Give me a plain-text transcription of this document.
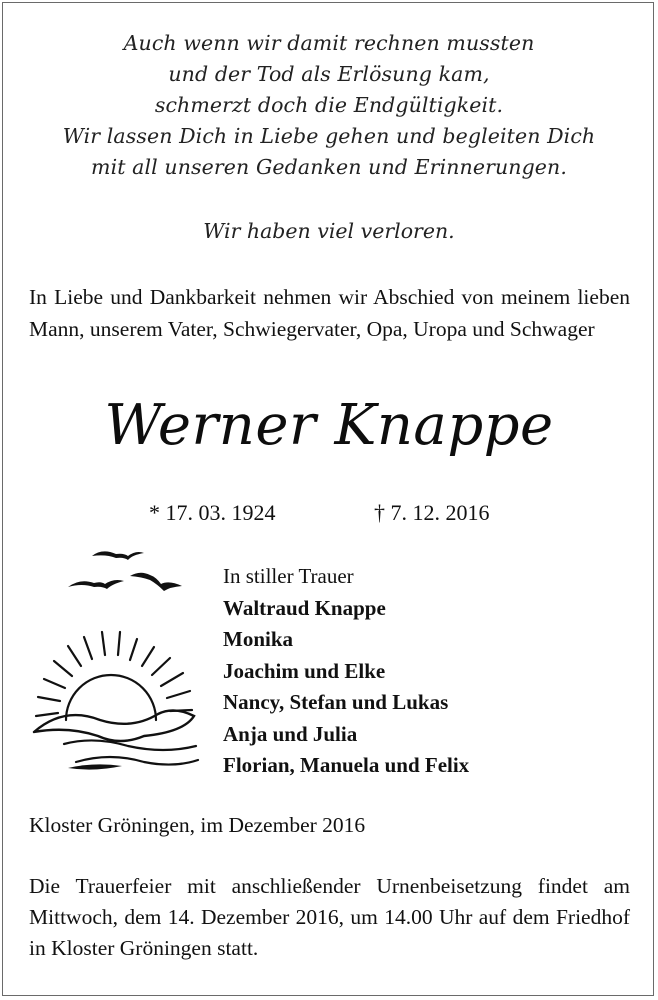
Auch wenn wir damit rechnen mussten
und der Tod als Erlösung kam,
schmerzt doch die Endgültigkeit.
Wir lassen Dich in Liebe gehen und begleiten Dich
mit all unseren Gedanken und Erinnerungen.
Wir haben viel verloren.
In Liebe und Dankbarkeit nehmen wir Abschied von meinem lieben Mann, unserem Vater, Schwiegervater, Opa, Uropa und Schwager
Werner Knappe
* 17. 03. 1924	† 7. 12. 2016
In stiller Trauer
Waltraud Knappe
Monika
Joachim und Elke
Nancy, Stefan und Lukas
Anja und Julia
Florian, Manuela und Felix
Kloster Gröningen, im Dezember 2016
Die Trauerfeier mit anschließender Urnenbeisetzung findet am Mittwoch, dem 14. Dezember 2016, um 14.00 Uhr auf dem Friedhof in Kloster Gröningen statt.
